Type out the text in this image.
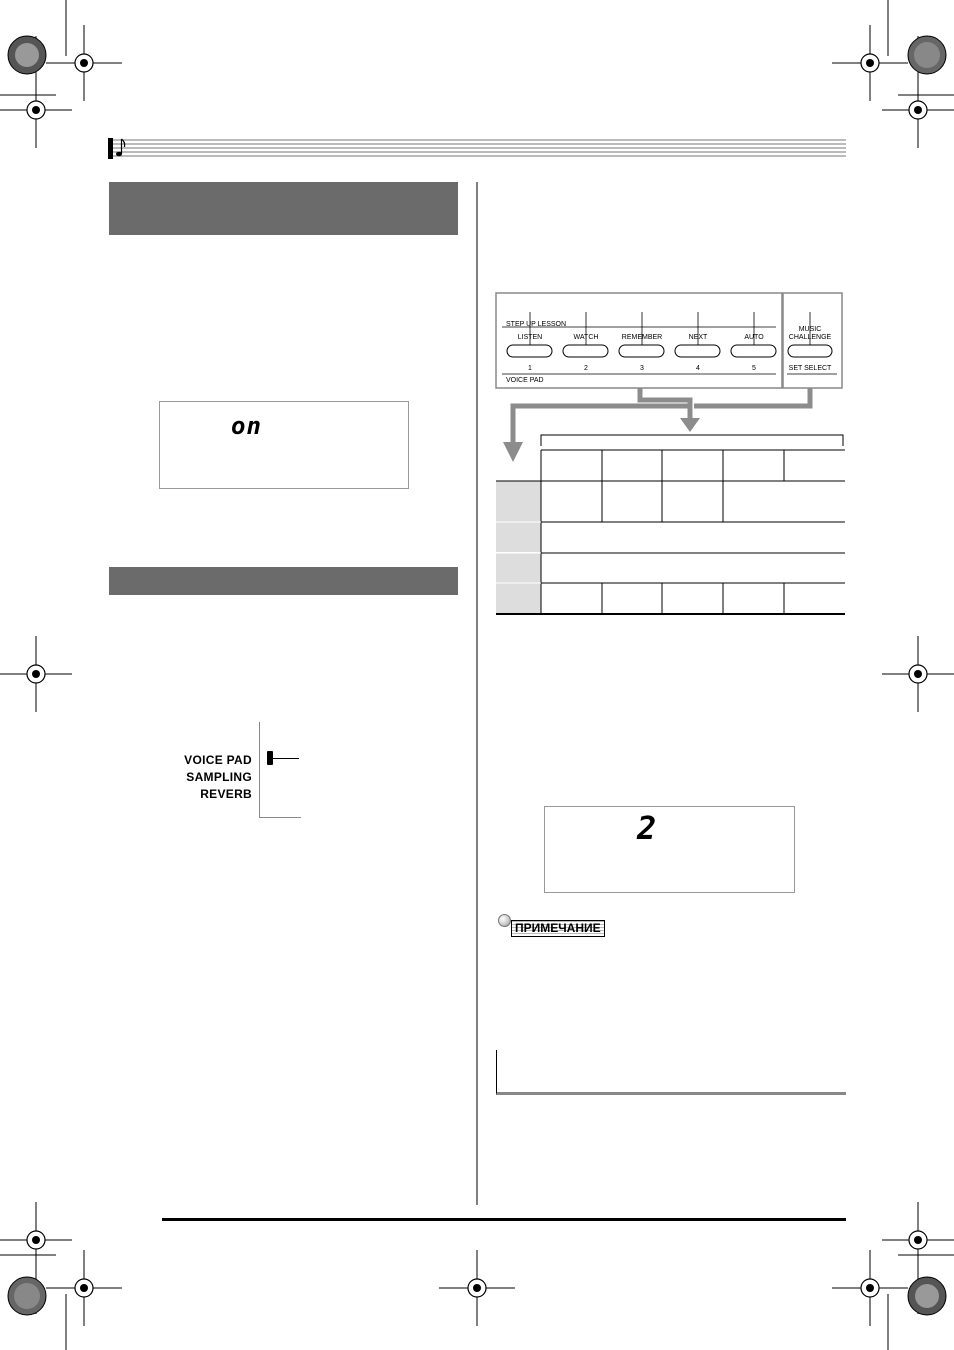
on
VOICE PAD
SAMPLING
REVERB
STEP UP LESSON
VOICE PAD
LISTEN	WATCH	REMEMBER	NEXT	AUTO
MUSIC
CHALLENGE
SET SELECT
1	2	3	4	5
2
ПРИМЕЧАНИЕ
